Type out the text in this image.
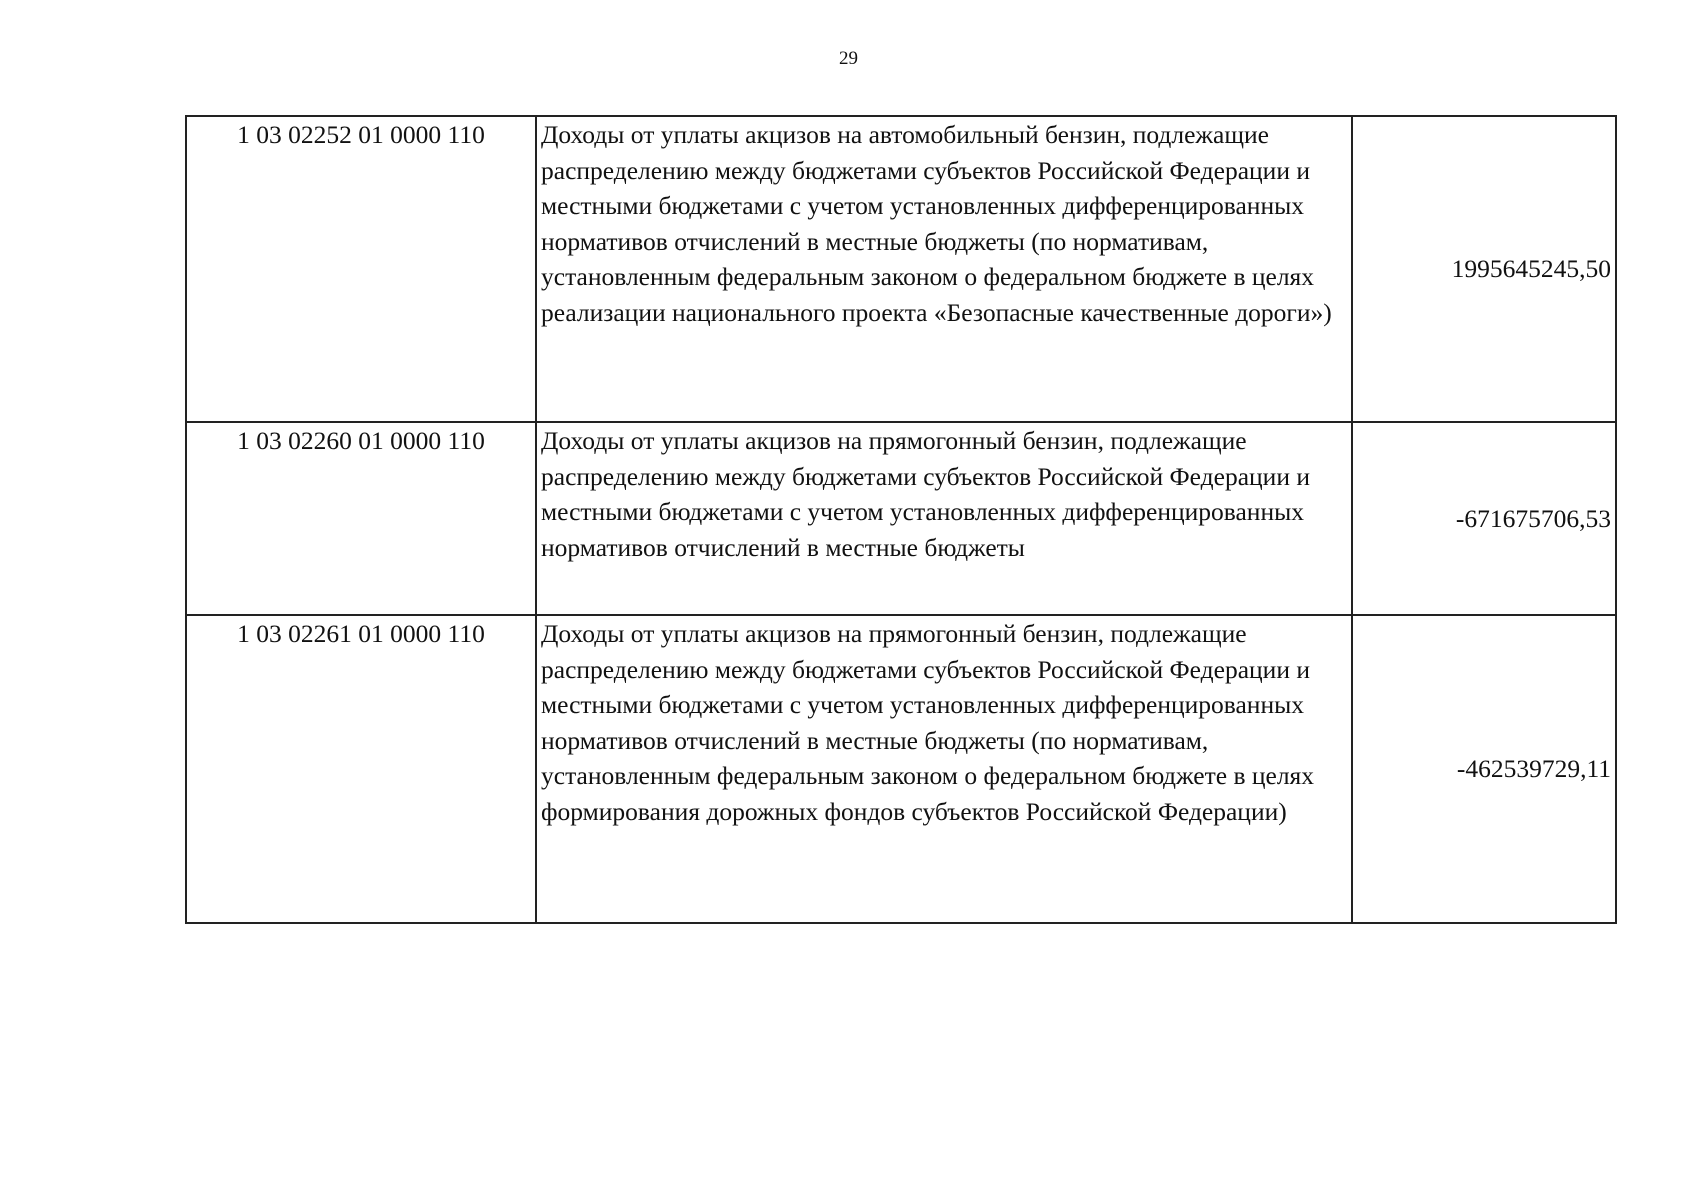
29
1 03 02252 01 0000 110	Доходы от уплаты акцизов на автомобильный бензин, подлежащие распределению между бюджетами субъектов Российской Федерации и местными бюджетами с учетом установленных дифференцированных нормативов отчислений в местные бюджеты (по нормативам, установленным федеральным законом о федеральном бюджете в целях реализации национального проекта «Безопасные качественные дороги»)	1995645245,50
1 03 02260 01 0000 110	Доходы от уплаты акцизов на прямогонный бензин, подлежащие распределению между бюджетами субъектов Российской Федерации и местными бюджетами с учетом установленных дифференцированных нормативов отчислений в местные бюджеты	-671675706,53
1 03 02261 01 0000 110	Доходы от уплаты акцизов на прямогонный бензин, подлежащие распределению между бюджетами субъектов Российской Федерации и местными бюджетами с учетом установленных дифференцированных нормативов отчислений в местные бюджеты (по нормативам, установленным федеральным законом о федеральном бюджете в целях формирования дорожных фондов субъектов Российской Федерации)	-462539729,11
